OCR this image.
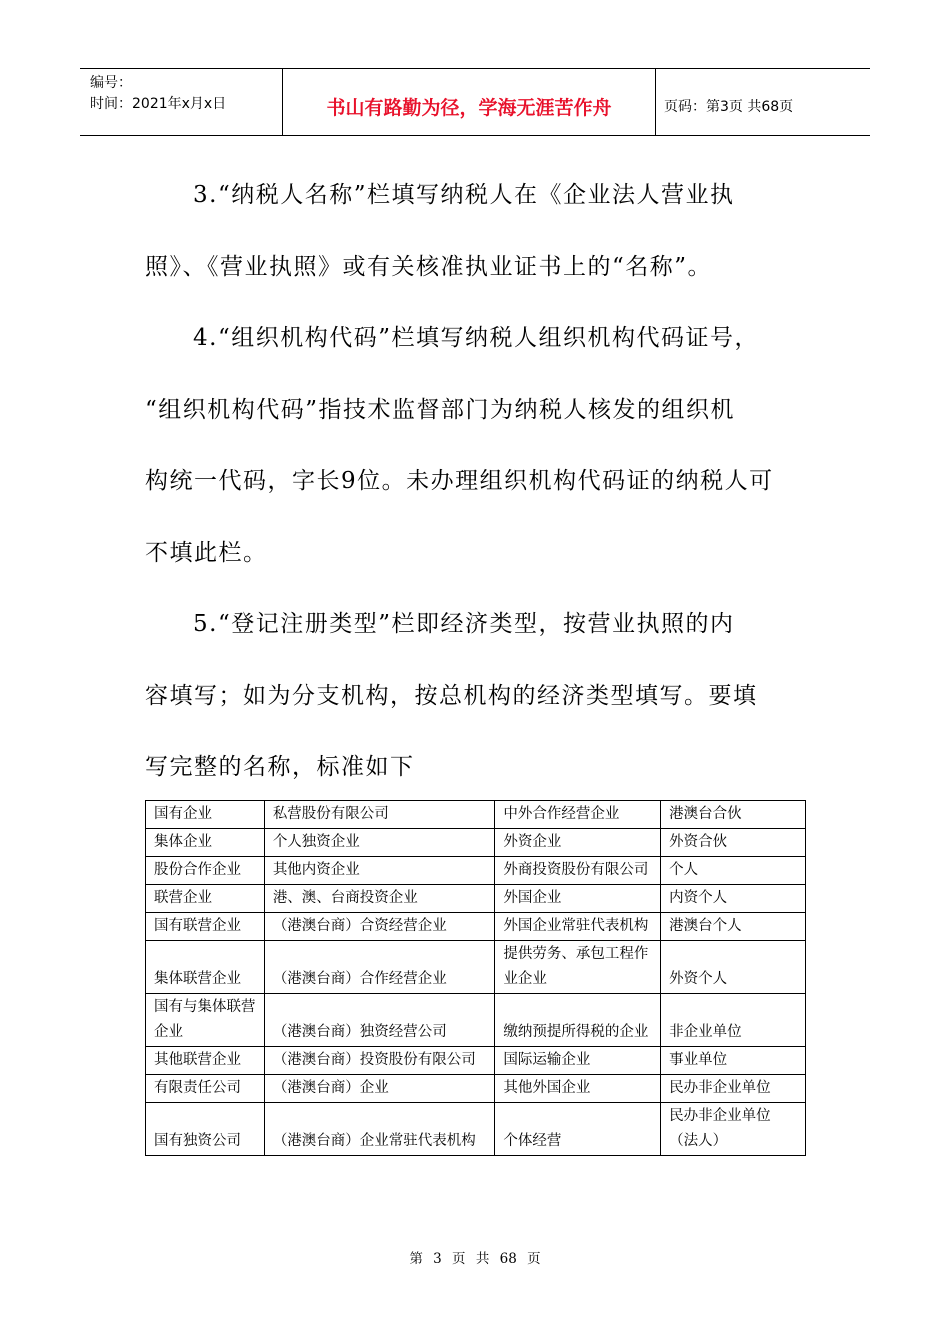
编号：
时间：2021年x月x日	书山有路勤为径，学海无涯苦作舟	页码：第3页 共68页

3.“纳税人名称”栏填写纳税人在《企业法人营业执
照》、《营业执照》或有关核准执业证书上的“名称”。

4.“组织机构代码”栏填写纳税人组织机构代码证号，
“组织机构代码”指技术监督部门为纳税人核发的组织机
构统一代码，字长9位。未办理组织机构代码证的纳税人可
不填此栏。

5.“登记注册类型”栏即经济类型，按营业执照的内
容填写；如为分支机构，按总机构的经济类型填写。要填
写完整的名称，标准如下

国有企业	私营股份有限公司	中外合作经营企业	港澳台合伙
集体企业	个人独资企业	外资企业	外资合伙
股份合作企业	其他内资企业	外商投资股份有限公司	个人
联营企业	港、澳、台商投资企业	外国企业	内资个人
国有联营企业	（港澳台商）合资经营企业	外国企业常驻代表机构	港澳台个人
集体联营企业	（港澳台商）合作经营企业	提供劳务、承包工程作业企业	外资个人
国有与集体联营企业	（港澳台商）独资经营公司	缴纳预提所得税的企业	非企业单位
其他联营企业	（港澳台商）投资股份有限公司	国际运输企业	事业单位
有限责任公司	（港澳台商）企业	其他外国企业	民办非企业单位
国有独资公司	（港澳台商）企业常驻代表机构	个体经营	民办非企业单位（法人）
第 3 页 共 68 页
